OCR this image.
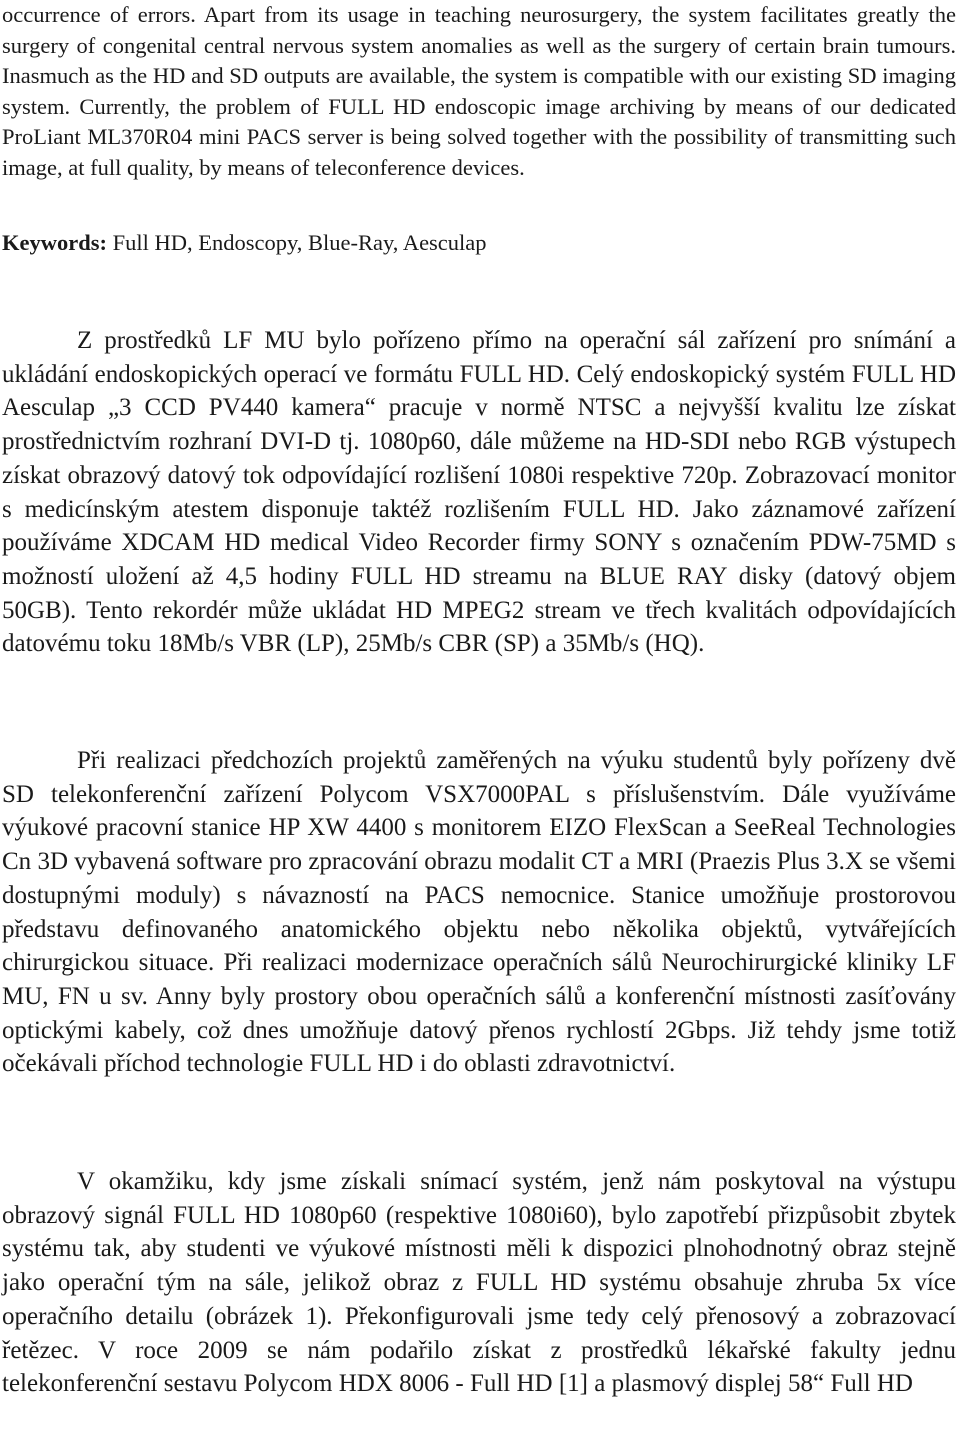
occurrence of errors. Apart from its usage in teaching neurosurgery, the system facilitates greatly the surgery of congenital central nervous system anomalies as well as the surgery of certain brain tumours. Inasmuch as the HD and SD outputs are available, the system is compatible with our existing SD imaging system. Currently, the problem of FULL HD endoscopic image archiving by means of our dedicated ProLiant ML370R04 mini PACS server is being solved together with the possibility of transmitting such image, at full quality, by means of teleconference devices.

Keywords: Full HD, Endoscopy, Blue-Ray, Aesculap

Z prostředků LF MU bylo pořízeno přímo na operační sál zařízení pro snímání a ukládání endoskopických operací ve formátu FULL HD. Celý endoskopický systém FULL HD Aesculap „3 CCD PV440 kamera“ pracuje v normě NTSC a nejvyšší kvalitu lze získat prostřednictvím rozhraní DVI-D tj. 1080p60, dále můžeme na HD-SDI nebo RGB výstupech získat obrazový datový tok odpovídající rozlišení 1080i respektive 720p. Zobrazovací monitor s medicínským atestem disponuje taktéž rozlišením FULL HD. Jako záznamové zařízení používáme XDCAM HD medical Video Recorder firmy SONY s označením PDW-75MD s možností uložení až 4,5 hodiny FULL HD streamu na BLUE RAY disky (datový objem 50GB). Tento rekordér může ukládat HD MPEG2 stream ve třech kvalitách odpovídajících datovému toku 18Mb/s VBR (LP), 25Mb/s CBR (SP) a 35Mb/s (HQ).

Při realizaci předchozích projektů zaměřených na výuku studentů byly pořízeny dvě SD telekonferenční zařízení Polycom VSX7000PAL s příslušenstvím. Dále využíváme výukové pracovní stanice HP XW 4400 s monitorem EIZO FlexScan a SeeReal Technologies Cn 3D vybavená software pro zpracování obrazu modalit CT a MRI (Praezis Plus 3.X se všemi dostupnými moduly) s návazností na PACS nemocnice. Stanice umožňuje prostorovou představu definovaného anatomického objektu nebo několika objektů, vytvářejících chirurgickou situace. Při realizaci modernizace operačních sálů Neurochirurgické kliniky LF MU, FN u sv. Anny byly prostory obou operačních sálů a konferenční místnosti zasíťovány optickými kabely, což dnes umožňuje datový přenos rychlostí 2Gbps. Již tehdy jsme totiž očekávali příchod technologie FULL HD i do oblasti zdravotnictví.

V okamžiku, kdy jsme získali snímací systém, jenž nám poskytoval na výstupu obrazový signál FULL HD 1080p60 (respektive 1080i60), bylo zapotřebí přizpůsobit zbytek systému tak, aby studenti ve výukové místnosti měli k dispozici plnohodnotný obraz stejně jako operační tým na sále, jelikož obraz z FULL HD systému obsahuje zhruba 5x více operačního detailu (obrázek 1). Překonfigurovali jsme tedy celý přenosový a zobrazovací řetězec. V roce 2009 se nám podařilo získat z prostředků lékařské fakulty jednu telekonferenční sestavu Polycom HDX 8006 - Full HD [1] a plasmový displej 58“ Full HD
